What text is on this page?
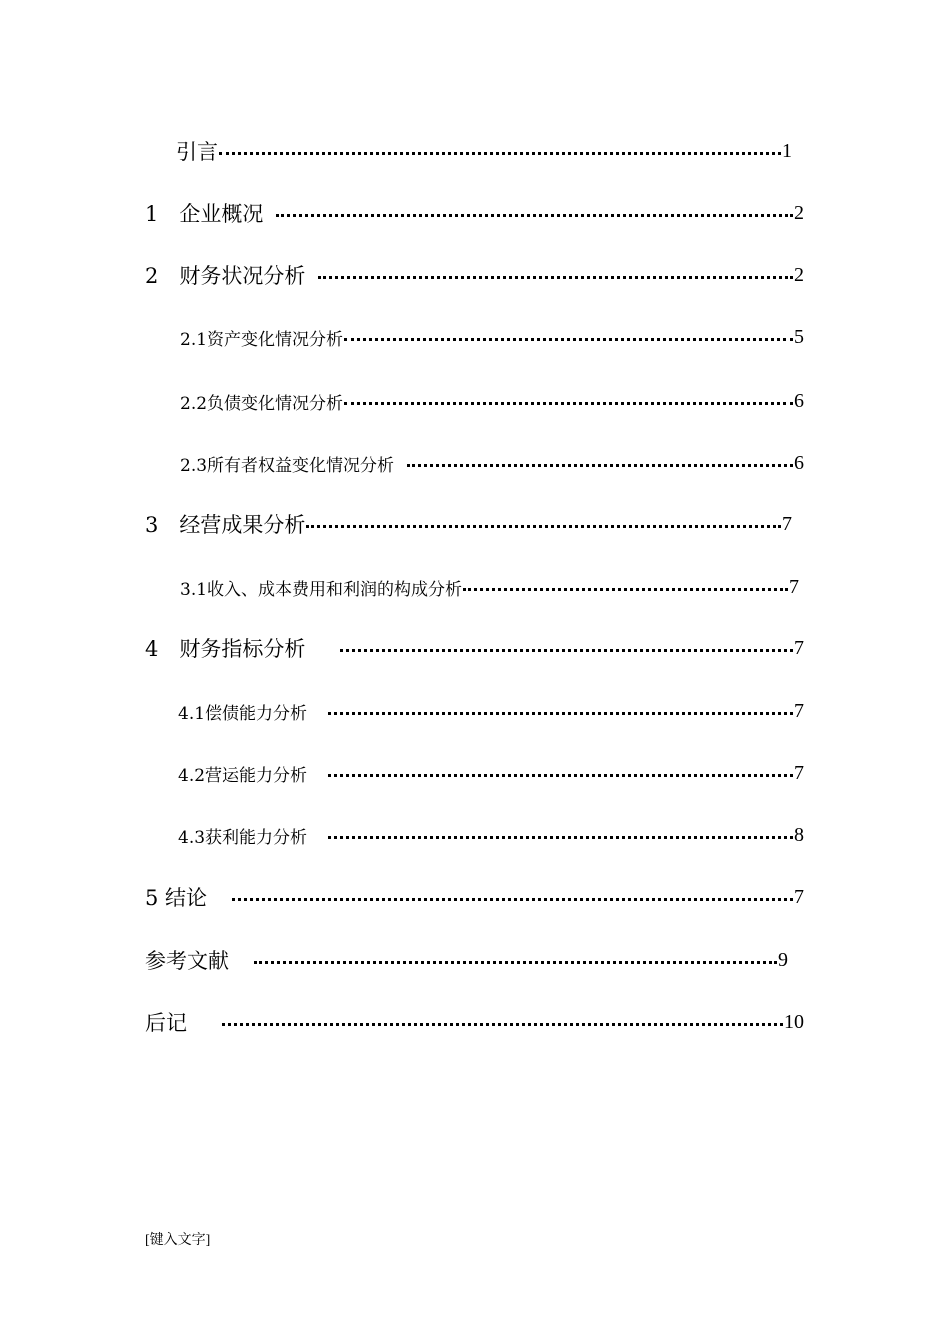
引言	1
1　企业概况	2
2　财务状况分析	2
2.1资产变化情况分析	5
2.2负债变化情况分析	6
2.3所有者权益变化情况分析	6
3　经营成果分析	7
3.1收入、成本费用和利润的构成分析	7
4　财务指标分析	7
4.1偿债能力分析	7
4.2营运能力分析	7
4.3获利能力分析	8
5 结论	7
参考文献	9
后记	10
[键入文字]
